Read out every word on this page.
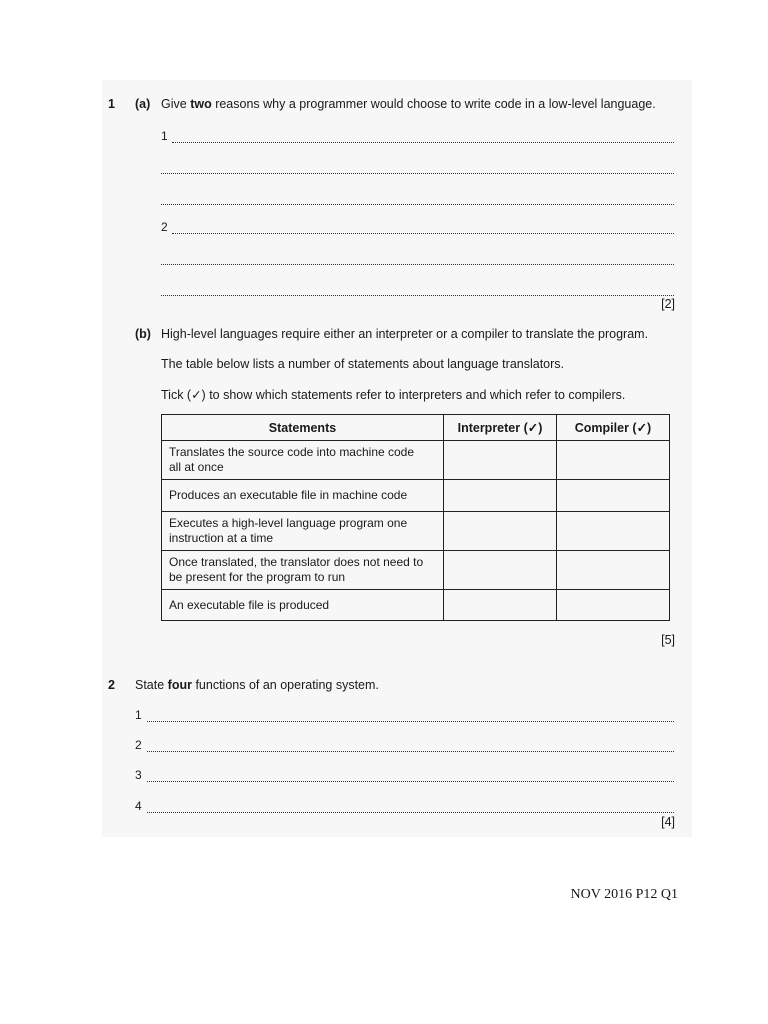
1 (a) Give two reasons why a programmer would choose to write code in a low-level language.
1
2
[2]
(b) High-level languages require either an interpreter or a compiler to translate the program.
The table below lists a number of statements about language translators.
Tick (✓) to show which statements refer to interpreters and which refer to compilers.
Statements	Interpreter (✓)	Compiler (✓)
Translates the source code into machine code
all at once		
Produces an executable file in machine code		
Executes a high-level language program one
instruction at a time		
Once translated, the translator does not need to
be present for the program to run		
An executable file is produced		
[5]
2 State four functions of an operating system.
1
2
3
4
[4]
NOV 2016 P12 Q1
